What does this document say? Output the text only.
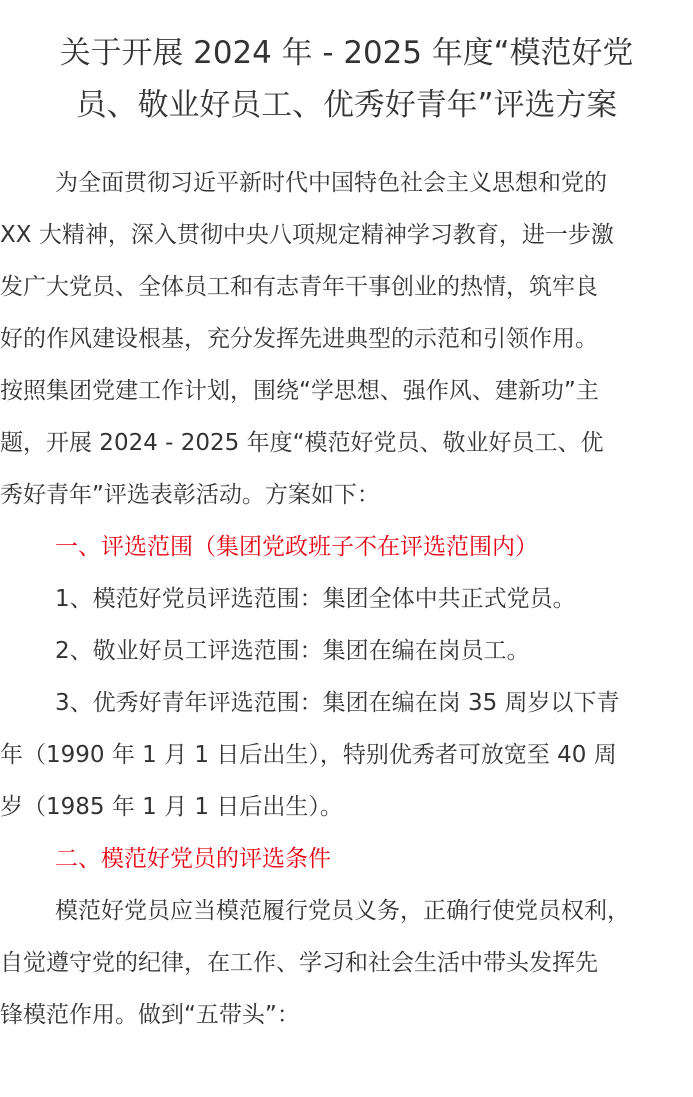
关于开展 2024 年 - 2025 年度“模范好党
员、敬业好员工、优秀好青年”评选方案
为全面贯彻习近平新时代中国特色社会主义思想和党的
XX 大精神，深入贯彻中央八项规定精神学习教育，进一步激
发广大党员、全体员工和有志青年干事创业的热情，筑牢良
好的作风建设根基，充分发挥先进典型的示范和引领作用。
按照集团党建工作计划，围绕“学思想、强作风、建新功”主
题，开展 2024 - 2025 年度“模范好党员、敬业好员工、优
秀好青年”评选表彰活动。方案如下：
一、评选范围（集团党政班子不在评选范围内）
1、模范好党员评选范围：集团全体中共正式党员。
2、敬业好员工评选范围：集团在编在岗员工。
3、优秀好青年评选范围：集团在编在岗 35 周岁以下青
年（1990 年 1 月 1 日后出生），特别优秀者可放宽至 40 周
岁（1985 年 1 月 1 日后出生）。
二、模范好党员的评选条件
模范好党员应当模范履行党员义务，正确行使党员权利，
自觉遵守党的纪律，在工作、学习和社会生活中带头发挥先
锋模范作用。做到“五带头”：
